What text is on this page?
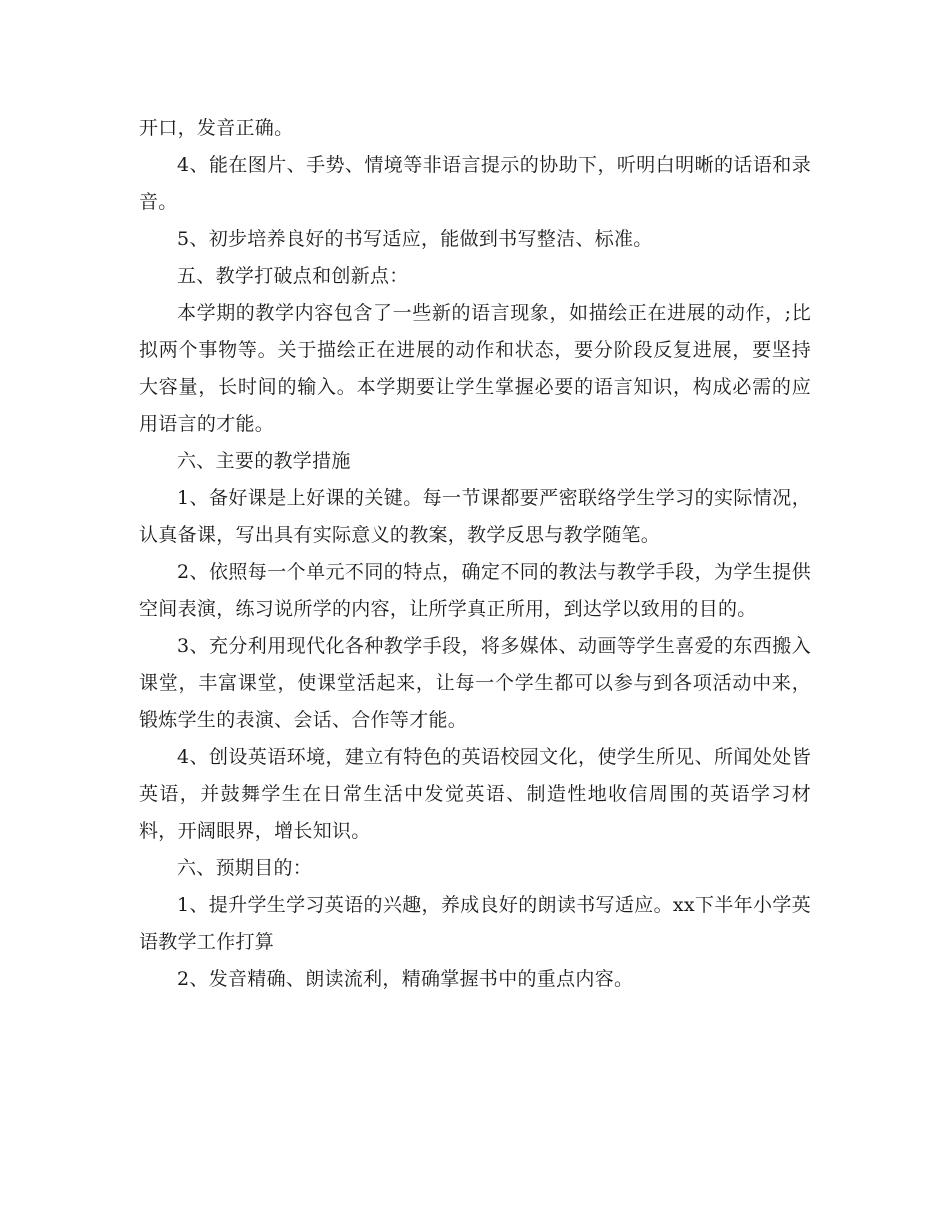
开口，发音正确。

4、能在图片、手势、情境等非语言提示的协助下，听明白明晰的话语和录音。

5、初步培养良好的书写适应，能做到书写整洁、标准。

五、教学打破点和创新点：

本学期的教学内容包含了一些新的语言现象，如描绘正在进展的动作，;比拟两个事物等。关于描绘正在进展的动作和状态，要分阶段反复进展，要坚持大容量，长时间的输入。本学期要让学生掌握必要的语言知识，构成必需的应用语言的才能。

六、主要的教学措施

1、备好课是上好课的关键。每一节课都要严密联络学生学习的实际情况，认真备课，写出具有实际意义的教案，教学反思与教学随笔。

2、依照每一个单元不同的特点，确定不同的教法与教学手段，为学生提供空间表演，练习说所学的内容，让所学真正所用，到达学以致用的目的。

3、充分利用现代化各种教学手段，将多媒体、动画等学生喜爱的东西搬入课堂，丰富课堂，使课堂活起来，让每一个学生都可以参与到各项活动中来，锻炼学生的表演、会话、合作等才能。

4、创设英语环境，建立有特色的英语校园文化，使学生所见、所闻处处皆英语，并鼓舞学生在日常生活中发觉英语、制造性地收信周围的英语学习材料，开阔眼界，增长知识。

六、预期目的：

1、提升学生学习英语的兴趣，养成良好的朗读书写适应。xx下半年小学英语教学工作打算

2、发音精确、朗读流利，精确掌握书中的重点内容。
